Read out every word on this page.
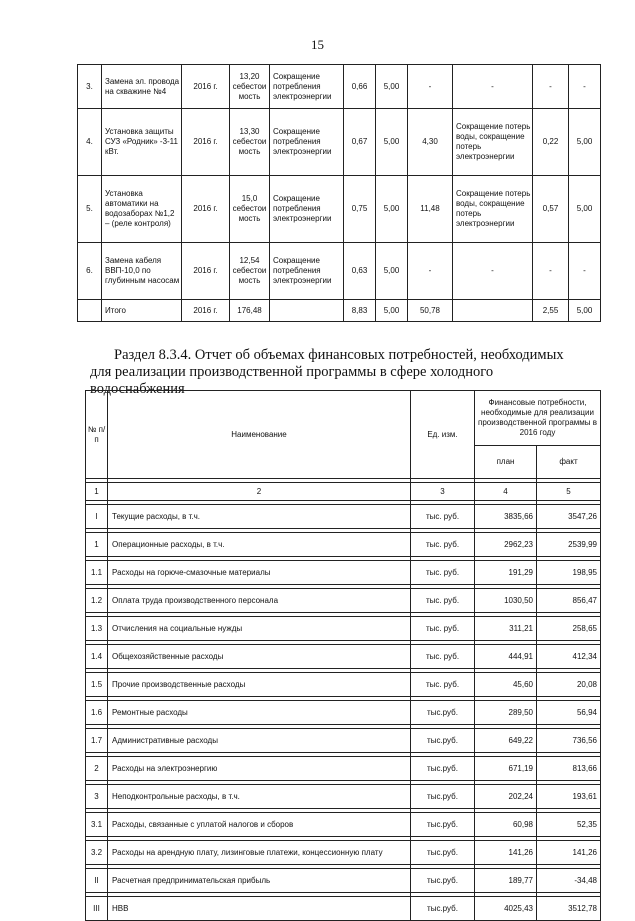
15
3.	Замена эл. провода на скважине №4	2016 г.	13,20 себестои мость	Сокращение потребления электроэнергии	0,66	5,00	-	-	-	-
4.	Установка защиты СУЗ «Родник» -3-11 кВт.	2016 г.	13,30 себестои мость	Сокращение потребления электроэнергии	0,67	5,00	4,30	Сокращение потерь воды, сокращение потерь электроэнергии	0,22	5,00
5.	Установка автоматики на водозаборах №1,2 – (реле контроля)	2016 г.	15,0 себестои мость	Сокращение потребления электроэнергии	0,75	5,00	11,48	Сокращение потерь воды, сокращение потерь электроэнергии	0,57	5,00
6.	Замена кабеля ВВП-10,0 по глубинным насосам	2016 г.	12,54 себестои мость	Сокращение потребления электроэнергии	0,63	5,00	-	-	-	-
	Итого	2016 г.	176,48		8,83	5,00	50,78		2,55	5,00
Раздел 8.3.4. Отчет об объемах финансовых потребностей, необходимых
для реализации производственной программы в сфере холодного водоснабжения
№ п/п	Наименование	Ед. изм.	Финансовые потребности, необходимые для реализации производственной программы в 2016 году	
			план	факт

1	2	3	4	5

I	Текущие расходы, в т.ч.	тыс. руб.	3835,66	3547,26

1	Операционные расходы, в т.ч.	тыс. руб.	2962,23	2539,99

1.1	Расходы на горюче-смазочные материалы	тыс. руб.	191,29	198,95

1.2	Оплата труда производственного персонала	тыс. руб.	1030,50	856,47

1.3	Отчисления на социальные нужды	тыс. руб.	311,21	258,65

1.4	Общехозяйственные расходы	тыс. руб.	444,91	412,34

1.5	Прочие производственные расходы	тыс. руб.	45,60	20,08

1.6	Ремонтные расходы	тыс.руб.	289,50	56,94

1.7	Административные расходы	тыс.руб.	649,22	736,56

2	Расходы на электроэнергию	тыс.руб.	671,19	813,66

3	Неподконтрольные расходы, в т.ч.	тыс.руб.	202,24	193,61

3.1	Расходы, связанные с уплатой налогов и сборов	тыс.руб.	60,98	52,35

3.2	Расходы на арендную плату, лизинговые платежи, концессионную плату	тыс.руб.	141,26	141,26

II	Расчетная предпринимательская прибыль	тыс.руб.	189,77	-34,48

III	НВВ	тыс.руб.	4025,43	3512,78
